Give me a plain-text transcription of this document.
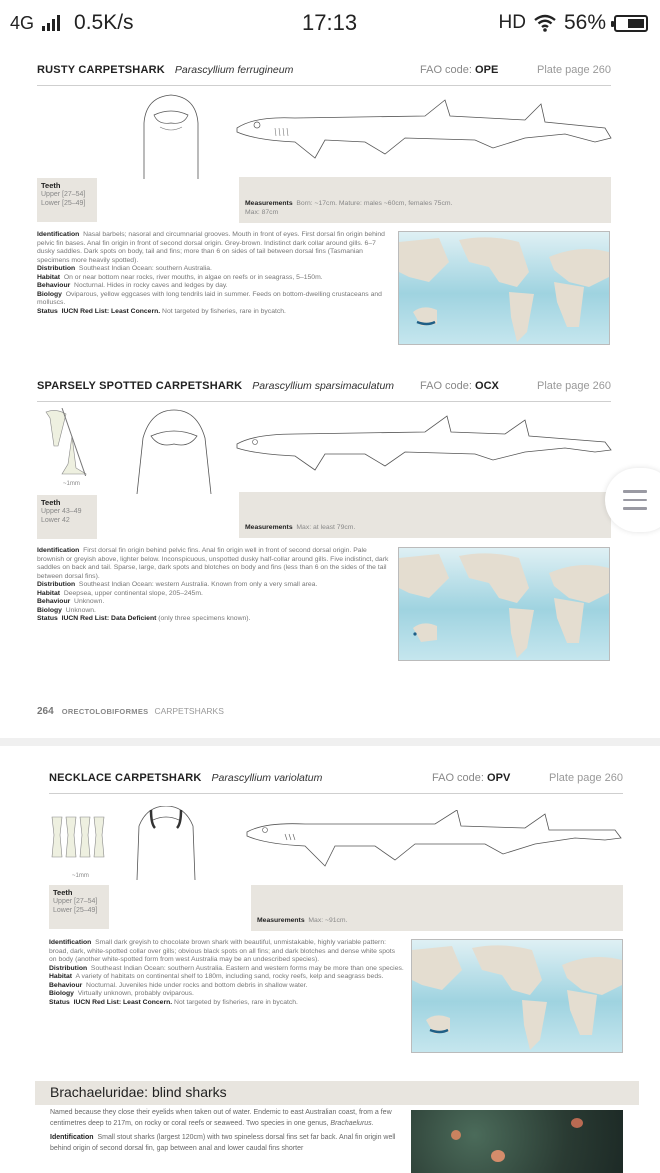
4G 0.5K/s	17:13	HD 56%
RUSTY CARPETSHARK Parascyllium ferrugineum	FAO code: OPE	Plate page 260
Teeth
Upper [27–54]
Lower [25–49]	Measurements Born: ~17cm. Mature: males ~60cm, females 75cm.
Max: 87cm

Identification Nasal barbels; nasoral and circumnarial grooves. Mouth in front of eyes. First dorsal fin origin behind pelvic fin bases. Anal fin origin in front of second dorsal origin. Grey-brown. Indistinct dark collar around gills. 6–7 dusky saddles. Dark spots on body, tail and fins; more than 6 on sides of tail between dorsal fins (Tasmanian specimens more heavily spotted).

Distribution Southeast Indian Ocean: southern Australia.

Habitat On or near bottom near rocks, river mouths, in algae on reefs or in seagrass, 5–150m.

Behaviour Nocturnal. Hides in rocky caves and ledges by day.

Biology Oviparous, yellow eggcases with long tendrils laid in summer. Feeds on bottom-dwelling crustaceans and molluscs.

Status IUCN Red List: Least Concern. Not targeted by fisheries, rare in bycatch.

SPARSELY SPOTTED CARPETSHARK Parascyllium sparsimaculatum FAO code: OCX	Plate page 260
~1mm
Teeth
Upper 43–49
Lower 42
Measurements Max: at least 79cm.

Identification First dorsal fin origin behind pelvic fins. Anal fin origin well in front of second dorsal origin. Pale brownish or greyish above, lighter below. Inconspicuous, unspotted dusky half-collar around gills. Five indistinct, dark saddles on back and tail. Sparse, large, dark spots and blotches on body and fins (less than 6 on the sides of the tail between dorsal fins).

Distribution Southeast Indian Ocean: western Australia. Known from only a very small area.

Habitat Deepsea, upper continental slope, 205–245m.

Behaviour Unknown.

Biology Unknown.

Status IUCN Red List: Data Deficient (only three specimens known).

264 ORECTOLOBIFORMES CARPETSHARKS
NECKLACE CARPETSHARK Parascyllium variolatum	FAO code: OPV	Plate page 260
~1mm
Teeth
Upper [27–54]
Lower [25–49]
Measurements Max: ~91cm.

Identification Small dark greyish to chocolate brown shark with beautiful, unmistakable, highly variable pattern: broad, dark, white-spotted collar over gills; obvious black spots on all fins; and dark blotches and dense white spots on body (another white-spotted form from west Australia may be an undescribed species).

Distribution Southeast Indian Ocean: southern Australia. Eastern and western forms may be more than one species.

Habitat A variety of habitats on continental shelf to 180m, including sand, rocky reefs, kelp and seagrass beds.

Behaviour Nocturnal. Juveniles hide under rocks and bottom debris in shallow water.

Biology Virtually unknown, probably oviparous.

Status IUCN Red List: Least Concern. Not targeted by fisheries, rare in bycatch.

Brachaeluridae: blind sharks

Named because they close their eyelids when taken out of water. Endemic to east Australian coast, from a few centimetres deep to 217m, on rocky or coral reefs or seaweed. Two species in one genus, Brachaelurus.

Identification Small stout sharks (largest 120cm) with two spineless dorsal fins set far back. Anal fin origin well behind origin of second dorsal fin, gap between anal and lower caudal fins shorter
